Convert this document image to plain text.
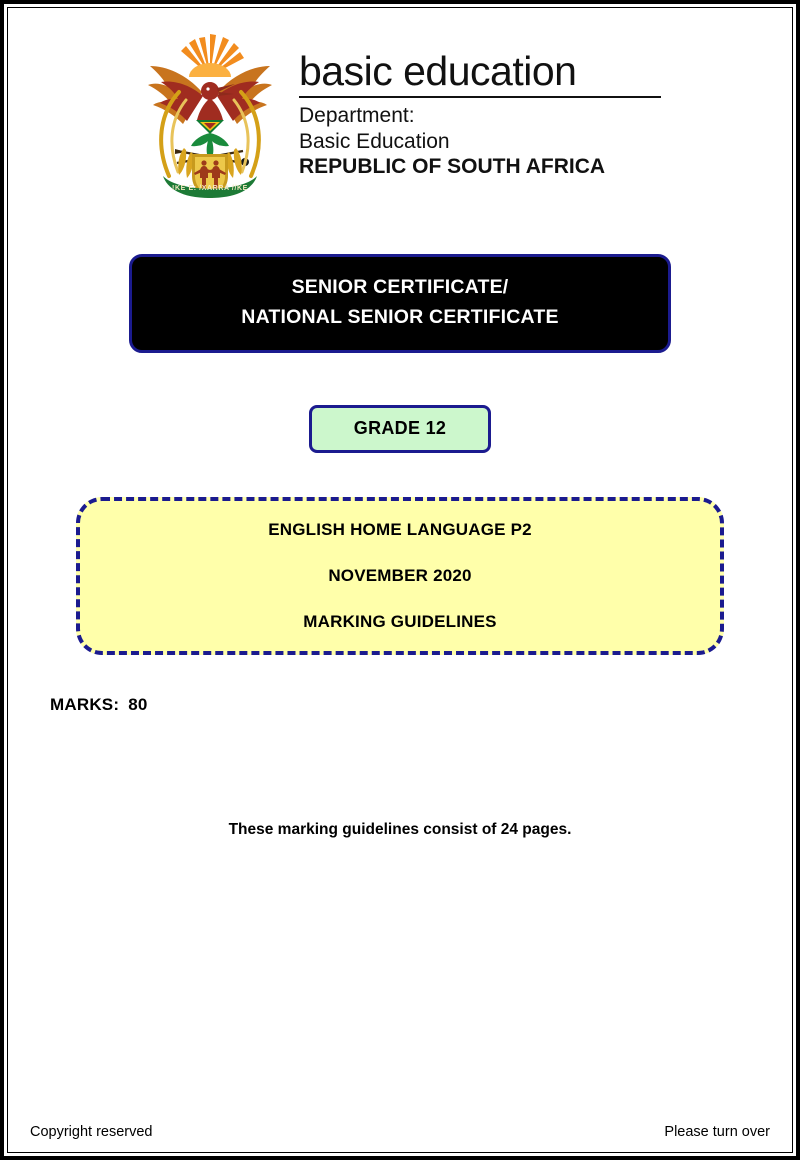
!KE E: /XARRA //KE
basic education
Department:
Basic Education
REPUBLIC OF SOUTH AFRICA
SENIOR CERTIFICATE/
NATIONAL SENIOR CERTIFICATE
GRADE 12
ENGLISH HOME LANGUAGE P2
NOVEMBER 2020
MARKING GUIDELINES
MARKS: 80
These marking guidelines consist of 24 pages.
Copyright reserved	Please turn over
